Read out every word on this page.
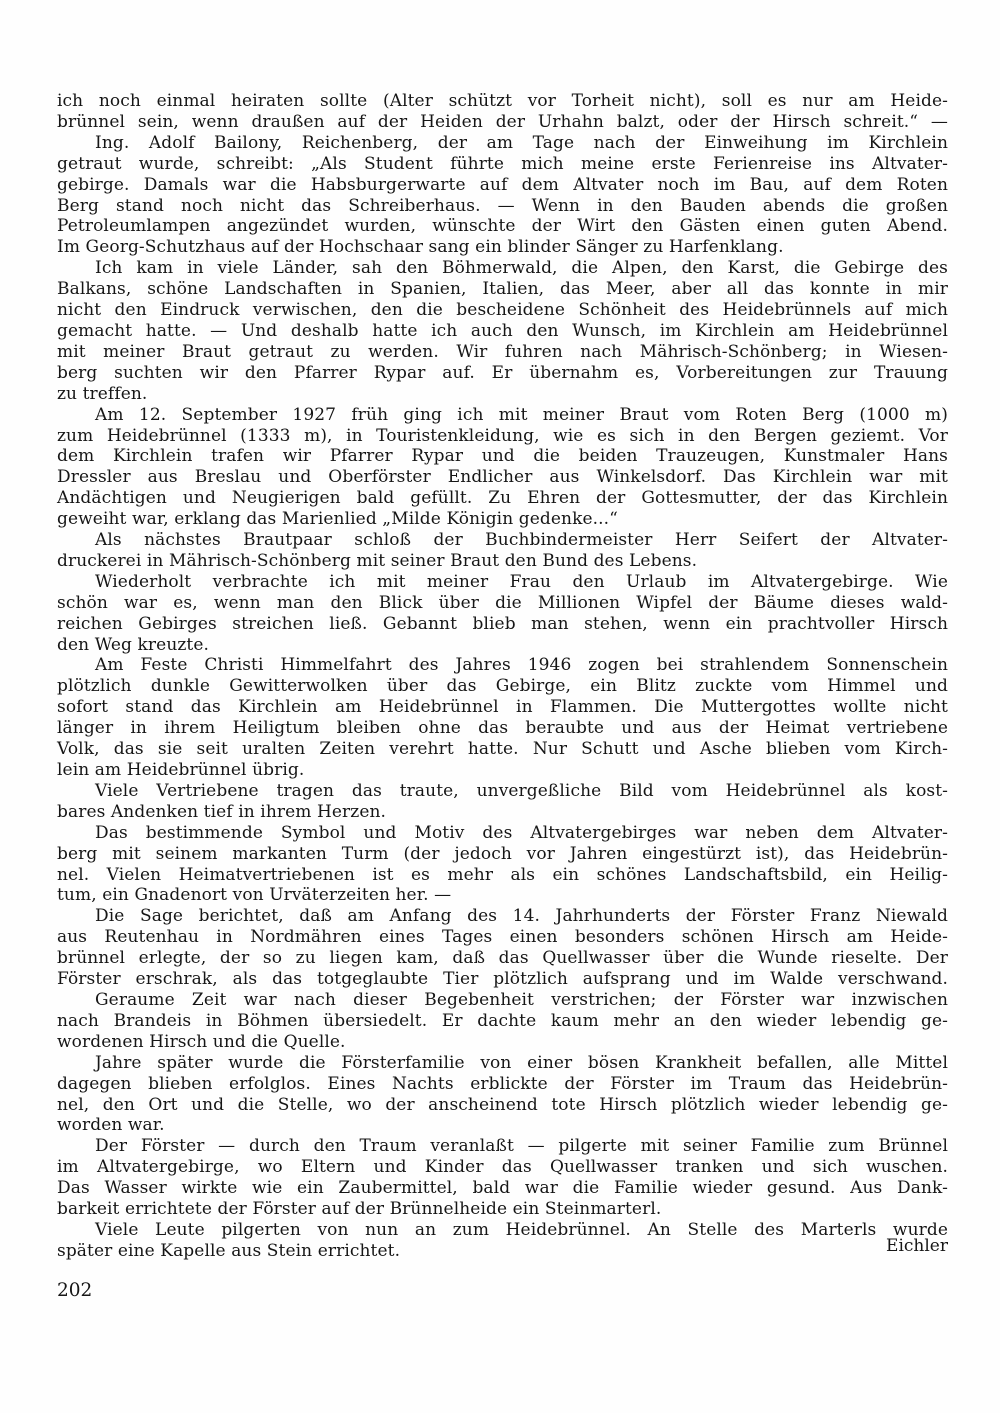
ich noch einmal heiraten sollte (Alter schützt vor Torheit nicht), soll es nur am Heide-
brünnel sein, wenn draußen auf der Heiden der Urhahn balzt, oder der Hirsch schreit.“ —

Ing. Adolf Bailony, Reichenberg, der am Tage nach der Einweihung im Kirchlein
getraut wurde, schreibt: „Als Student führte mich meine erste Ferienreise ins Altvater-
gebirge. Damals war die Habsburgerwarte auf dem Altvater noch im Bau, auf dem Roten
Berg stand noch nicht das Schreiberhaus. — Wenn in den Bauden abends die großen
Petroleumlampen angezündet wurden, wünschte der Wirt den Gästen einen guten Abend.
Im Georg-Schutzhaus auf der Hochschaar sang ein blinder Sänger zu Harfenklang.

Ich kam in viele Länder, sah den Böhmerwald, die Alpen, den Karst, die Gebirge des
Balkans, schöne Landschaften in Spanien, Italien, das Meer, aber all das konnte in mir
nicht den Eindruck verwischen, den die bescheidene Schönheit des Heidebrünnels auf mich
gemacht hatte. — Und deshalb hatte ich auch den Wunsch, im Kirchlein am Heidebrünnel
mit meiner Braut getraut zu werden. Wir fuhren nach Mährisch-Schönberg; in Wiesen-
berg suchten wir den Pfarrer Rypar auf. Er übernahm es, Vorbereitungen zur Trauung
zu treffen.

Am 12. September 1927 früh ging ich mit meiner Braut vom Roten Berg (1000 m)
zum Heidebrünnel (1333 m), in Touristenkleidung, wie es sich in den Bergen geziemt. Vor
dem Kirchlein trafen wir Pfarrer Rypar und die beiden Trauzeugen, Kunstmaler Hans
Dressler aus Breslau und Oberförster Endlicher aus Winkelsdorf. Das Kirchlein war mit
Andächtigen und Neugierigen bald gefüllt. Zu Ehren der Gottesmutter, der das Kirchlein
geweiht war, erklang das Marienlied „Milde Königin gedenke...“

Als nächstes Brautpaar schloß der Buchbindermeister Herr Seifert der Altvater-
druckerei in Mährisch-Schönberg mit seiner Braut den Bund des Lebens.

Wiederholt verbrachte ich mit meiner Frau den Urlaub im Altvatergebirge. Wie
schön war es, wenn man den Blick über die Millionen Wipfel der Bäume dieses wald-
reichen Gebirges streichen ließ. Gebannt blieb man stehen, wenn ein prachtvoller Hirsch
den Weg kreuzte.

Am Feste Christi Himmelfahrt des Jahres 1946 zogen bei strahlendem Sonnenschein
plötzlich dunkle Gewitterwolken über das Gebirge, ein Blitz zuckte vom Himmel und
sofort stand das Kirchlein am Heidebrünnel in Flammen. Die Muttergottes wollte nicht
länger in ihrem Heiligtum bleiben ohne das beraubte und aus der Heimat vertriebene
Volk, das sie seit uralten Zeiten verehrt hatte. Nur Schutt und Asche blieben vom Kirch-
lein am Heidebrünnel übrig.

Viele Vertriebene tragen das traute, unvergeßliche Bild vom Heidebrünnel als kost-
bares Andenken tief in ihrem Herzen.

Das bestimmende Symbol und Motiv des Altvatergebirges war neben dem Altvater-
berg mit seinem markanten Turm (der jedoch vor Jahren eingestürzt ist), das Heidebrün-
nel. Vielen Heimatvertriebenen ist es mehr als ein schönes Landschaftsbild, ein Heilig-
tum, ein Gnadenort von Urväterzeiten her. —

Die Sage berichtet, daß am Anfang des 14. Jahrhunderts der Förster Franz Niewald
aus Reutenhau in Nordmähren eines Tages einen besonders schönen Hirsch am Heide-
brünnel erlegte, der so zu liegen kam, daß das Quellwasser über die Wunde rieselte. Der
Förster erschrak, als das totgeglaubte Tier plötzlich aufsprang und im Walde verschwand.

Geraume Zeit war nach dieser Begebenheit verstrichen; der Förster war inzwischen
nach Brandeis in Böhmen übersiedelt. Er dachte kaum mehr an den wieder lebendig ge-
wordenen Hirsch und die Quelle.

Jahre später wurde die Försterfamilie von einer bösen Krankheit befallen, alle Mittel
dagegen blieben erfolglos. Eines Nachts erblickte der Förster im Traum das Heidebrün-
nel, den Ort und die Stelle, wo der anscheinend tote Hirsch plötzlich wieder lebendig ge-
worden war.

Der Förster — durch den Traum veranlaßt — pilgerte mit seiner Familie zum Brünnel
im Altvatergebirge, wo Eltern und Kinder das Quellwasser tranken und sich wuschen.
Das Wasser wirkte wie ein Zaubermittel, bald war die Familie wieder gesund. Aus Dank-
barkeit errichtete der Förster auf der Brünnelheide ein Steinmarterl.

Viele Leute pilgerten von nun an zum Heidebrünnel. An Stelle des Marterls wurde
später eine Kapelle aus Stein errichtet.	Eichler
202
